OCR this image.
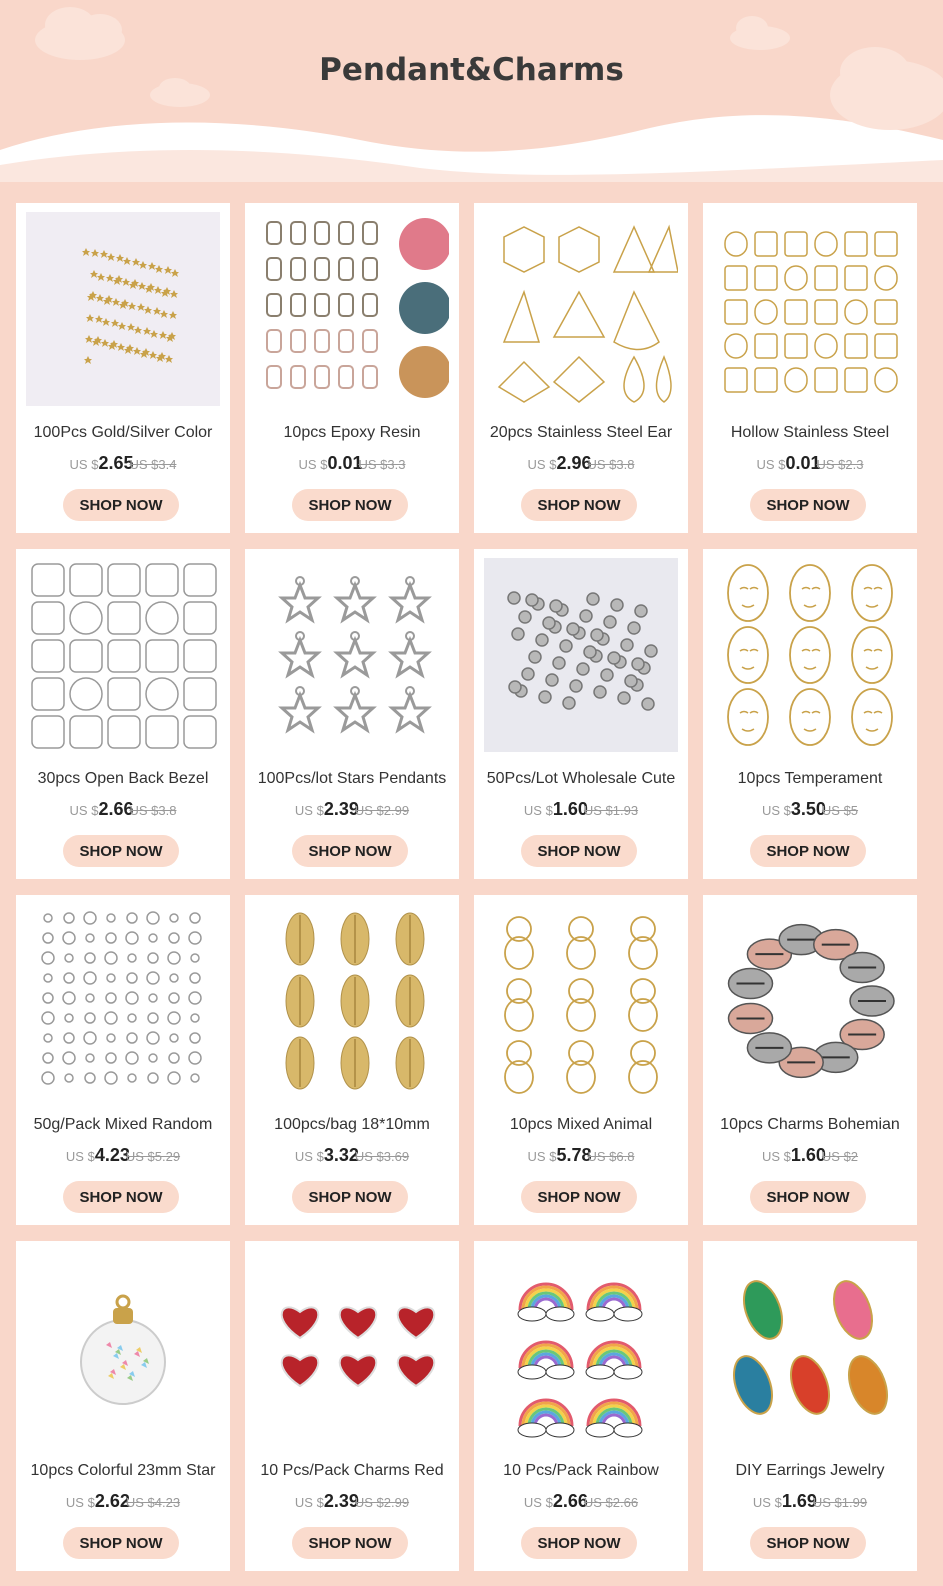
Pendant&Charms
100Pcs Gold/Silver Color
US $2.65US $3.4
SHOP NOW
10pcs Epoxy Resin
US $0.01US $3.3
SHOP NOW
20pcs Stainless Steel Ear
US $2.96US $3.8
SHOP NOW
Hollow Stainless Steel
US $0.01US $2.3
SHOP NOW
30pcs Open Back Bezel
US $2.66US $3.8
SHOP NOW
100Pcs/lot Stars Pendants
US $2.39US $2.99
SHOP NOW
50Pcs/Lot Wholesale Cute
US $1.60US $1.93
SHOP NOW
10pcs Temperament
US $3.50US $5
SHOP NOW
50g/Pack Mixed Random
US $4.23US $5.29
SHOP NOW
100pcs/bag 18*10mm
US $3.32US $3.69
SHOP NOW
10pcs Mixed Animal
US $5.78US $6.8
SHOP NOW
10pcs Charms Bohemian
US $1.60US $2
SHOP NOW
10pcs Colorful 23mm Star
US $2.62US $4.23
SHOP NOW
10 Pcs/Pack Charms Red
US $2.39US $2.99
SHOP NOW
10 Pcs/Pack Rainbow
US $2.66US $2.66
SHOP NOW
DIY Earrings Jewelry
US $1.69US $1.99
SHOP NOW
